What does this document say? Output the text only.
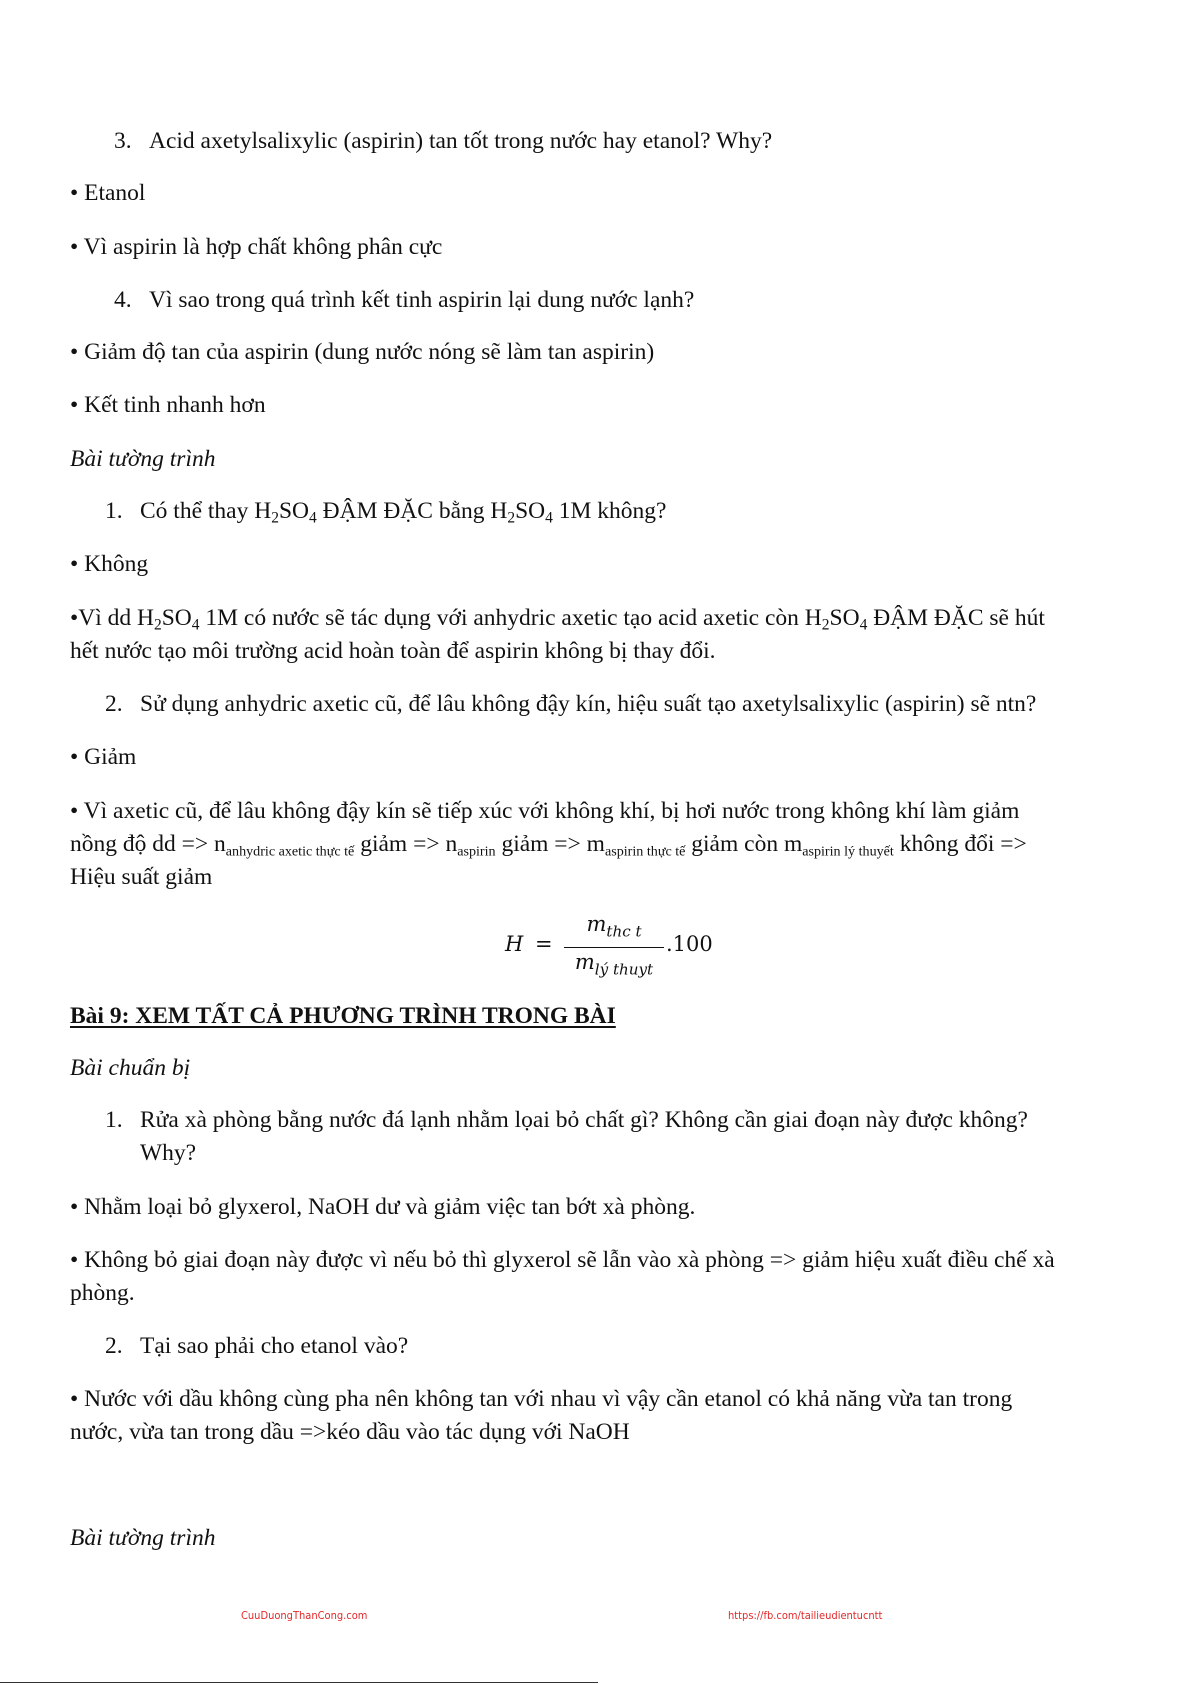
3. Acid axetylsalixylic (aspirin) tan tốt trong nước hay etanol? Why?
• Etanol
• Vì aspirin là hợp chất không phân cực
4. Vì sao trong quá trình kết tinh aspirin lại dung nước lạnh?
• Giảm độ tan của aspirin (dung nước nóng sẽ làm tan aspirin)
• Kết tinh nhanh hơn
Bài tường trình
1. Có thể thay $H_2SO_4$ ĐẬM ĐẶC bằng $H_2SO_4$ 1M không?
• Không
•Vì dd $H_2SO_4$ 1M có nước sẽ tác dụng với anhydric axetic tạo acid axetic còn $H_2SO_4$ ĐẬM ĐẶC sẽ hút
hết nước tạo môi trường acid hoàn toàn để aspirin không bị thay đổi.
2. Sử dụng anhydric axetic cũ, để lâu không đậy kín, hiệu suất tạo axetylsalixylic (aspirin) sẽ ntn?
• Giảm
• Vì axetic cũ, để lâu không đậy kín sẽ tiếp xúc với không khí, bị hơi nước trong không khí làm giảm
nồng độ dd => $n_{anhydric axetic thực tế}$ giảm => $n_{aspirin}$ giảm => $m_{aspirin thực tế}$ giảm còn $m_{aspirin lý thuyết}$ không đổi =>
Hiệu suất giảm
H =
$m_{thc t}$
$m_{lý thuyt}$
.100
Bài 9: XEM TẤT CẢ PHƯƠNG TRÌNH TRONG BÀI
Bài chuẩn bị
1. Rửa xà phòng bằng nước đá lạnh nhằm lọai bỏ chất gì? Không cần giai đoạn này được không?
Why?
• Nhằm loại bỏ glyxerol, NaOH dư và giảm việc tan bớt xà phòng.
• Không bỏ giai đoạn này được vì nếu bỏ thì glyxerol sẽ lẫn vào xà phòng => giảm hiệu xuất điều chế xà
phòng.
2. Tại sao phải cho etanol vào?
• Nước với dầu không cùng pha nên không tan với nhau vì vậy cần etanol có khả năng vừa tan trong
nước, vừa tan trong dầu =>kéo dầu vào tác dụng với NaOH
Bài tường trình
CuuDuongThanCong.com	https://fb.com/tailieudientucntt
